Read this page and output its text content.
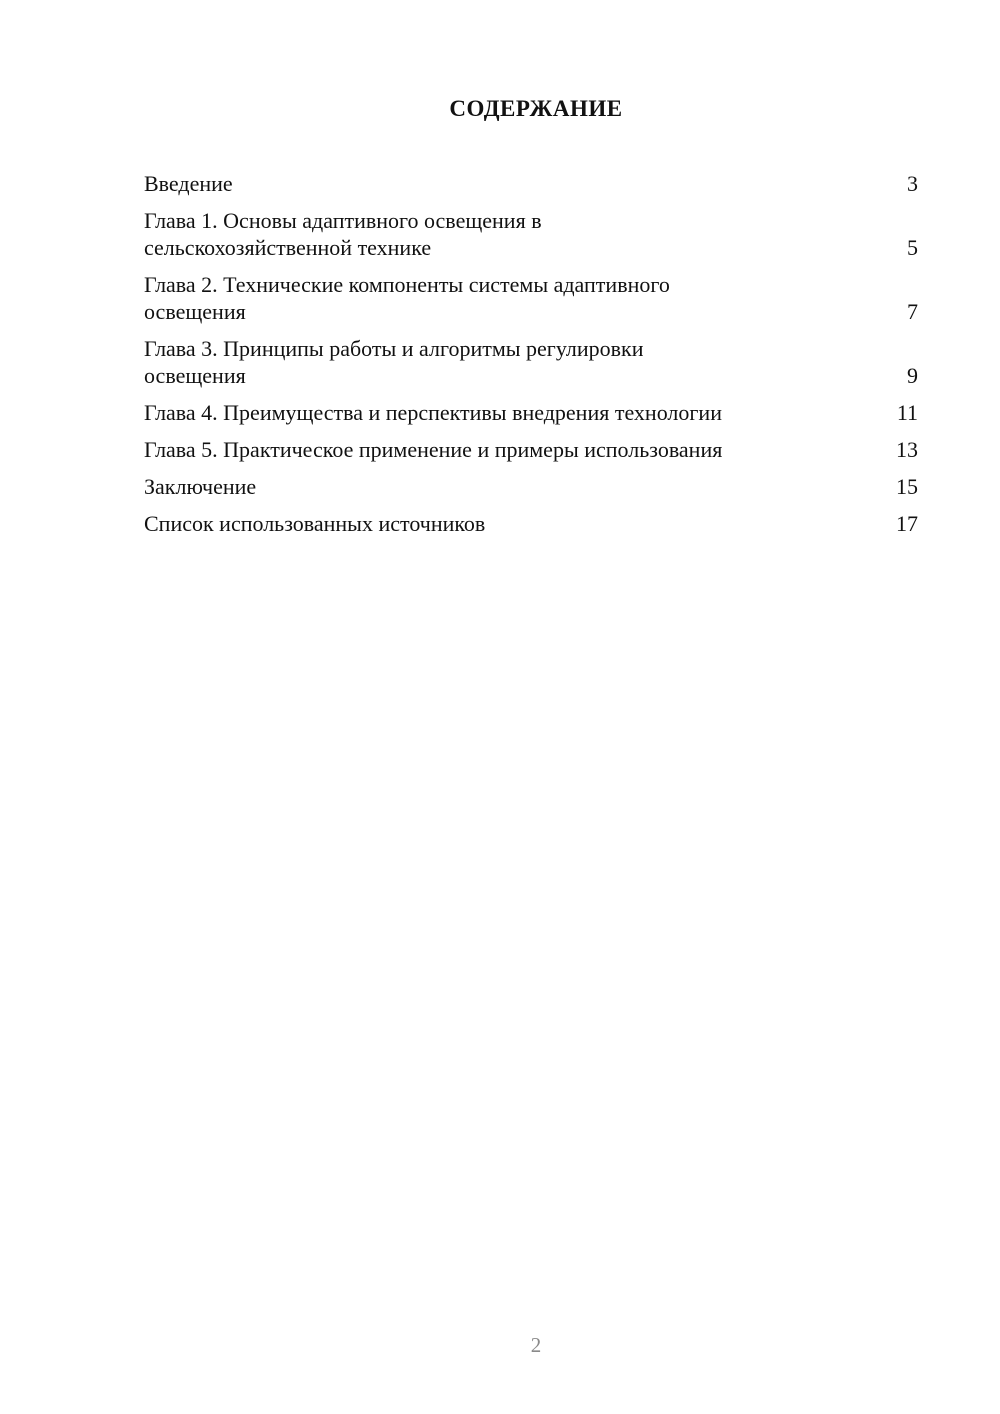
СОДЕРЖАНИЕ
Введение	3
Глава 1. Основы адаптивного освещения в
сельскохозяйственной технике	5
Глава 2. Технические компоненты системы адаптивного
освещения	7
Глава 3. Принципы работы и алгоритмы регулировки
освещения	9
Глава 4. Преимущества и перспективы внедрения технологии	11
Глава 5. Практическое применение и примеры использования	13
Заключение	15
Список использованных источников	17
2
